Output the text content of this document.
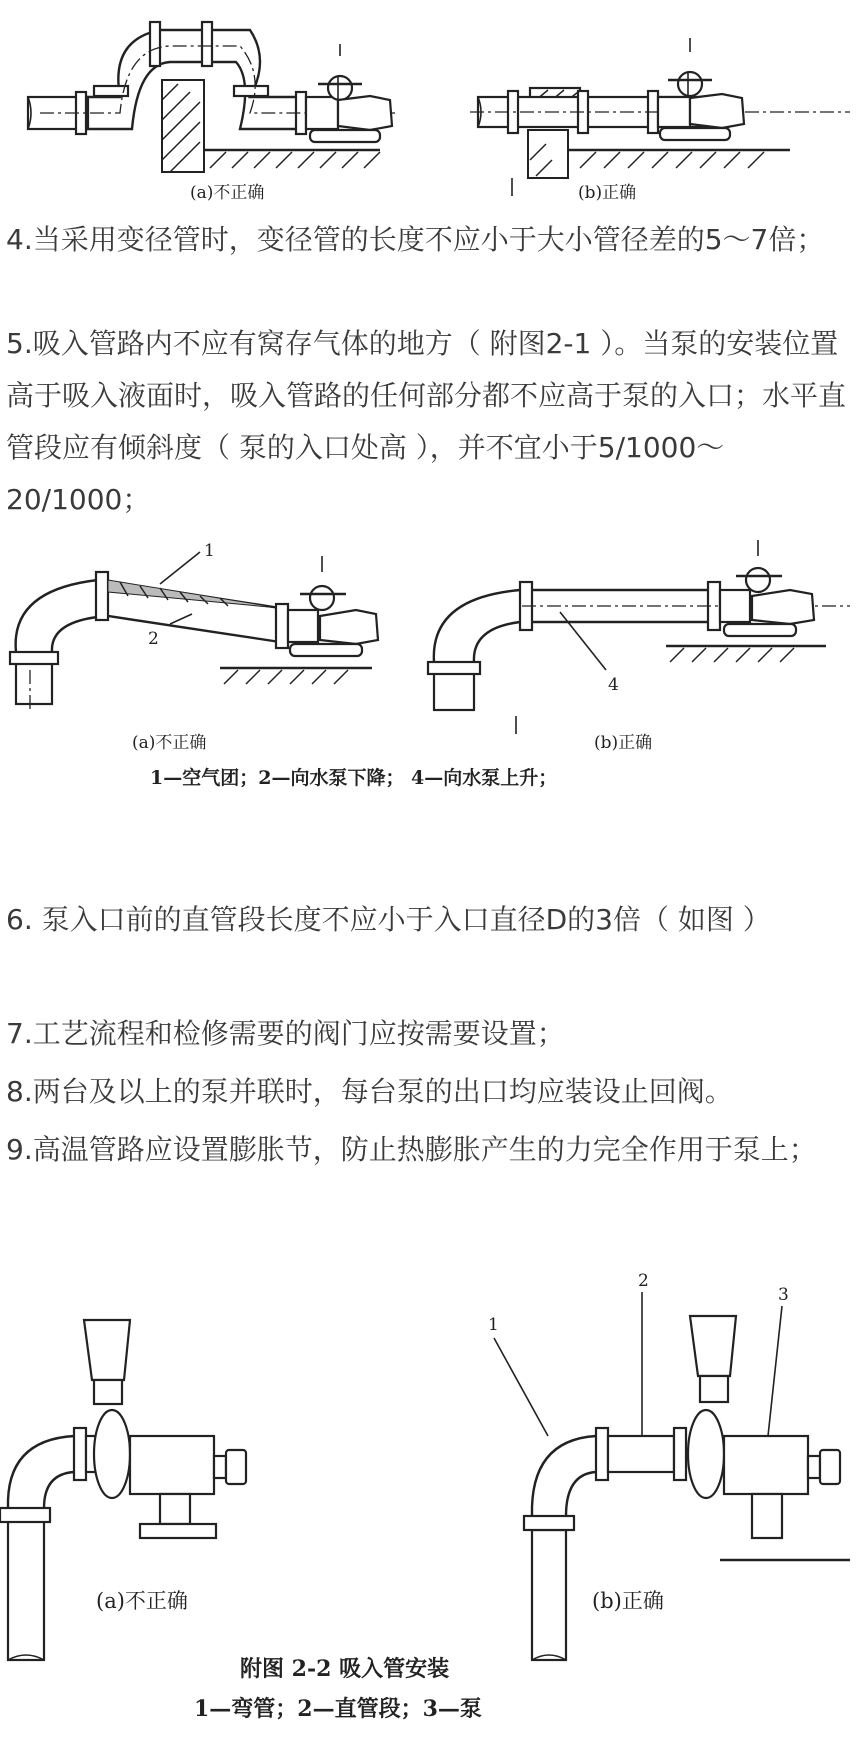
(a)不正确	(b)正确

4.当采用变径管时，变径管的长度不应小于大小管径差的5～7倍；

5.吸入管路内不应有窝存气体的地方（ 附图2-1 ）。当泵的安装位置高于吸入液面时，吸入管路的任何部分都不应高于泵的入口；水平直管段应有倾斜度（ 泵的入口处高 ），并不宜小于5/1000～20/1000；

1
2
4
(a)不正确	(b)正确
1—空气团；2—向水泵下降； 4—向水泵上升；

6. 泵入口前的直管段长度不应小于入口直径D的3倍（ 如图 ）

7.工艺流程和检修需要的阀门应按需要设置；

8.两台及以上的泵并联时，每台泵的出口均应装设止回阀。

9.高温管路应设置膨胀节，防止热膨胀产生的力完全作用于泵上；

1
2
3
(a)不正确	(b)正确
附图 2-2 吸入管安装
1—弯管；2—直管段；3—泵
